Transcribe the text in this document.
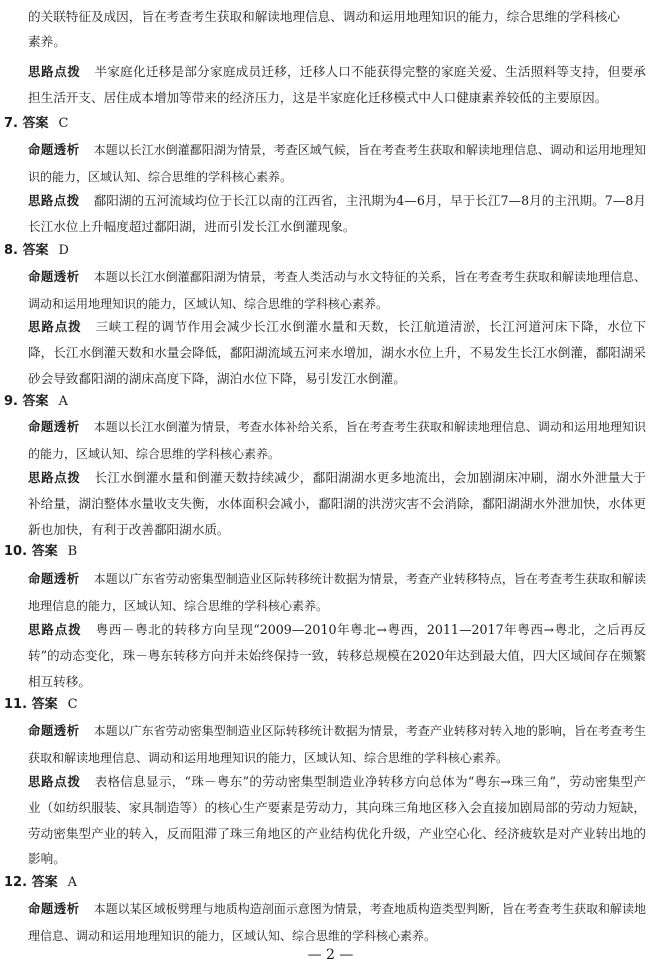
的关联特征及成因，旨在考查考生获取和解读地理信息、调动和运用地理知识的能力，综合思维的学科核心
素养。
思路点拨 半家庭化迁移是部分家庭成员迁移，迁移人口不能获得完整的家庭关爱、生活照料等支持，但要承担生活开支、居住成本增加等带来的经济压力，这是半家庭化迁移模式中人口健康素养较低的主要原因。
7. 答案 C
命题透析 本题以长江水倒灌鄱阳湖为情景，考查区域气候，旨在考查考生获取和解读地理信息、调动和运用地理知识的能力，区域认知、综合思维的学科核心素养。
思路点拨 鄱阳湖的五河流域均位于长江以南的江西省，主汛期为4—6月，早于长江7—8月的主汛期。7—8月长江水位上升幅度超过鄱阳湖，进而引发长江水倒灌现象。
8. 答案 D
命题透析 本题以长江水倒灌鄱阳湖为情景，考查人类活动与水文特征的关系，旨在考查考生获取和解读地理信息、调动和运用地理知识的能力，区域认知、综合思维的学科核心素养。
思路点拨 三峡工程的调节作用会减少长江水倒灌水量和天数，长江航道清淤，长江河道河床下降，水位下降，长江水倒灌天数和水量会降低，鄱阳湖流域五河来水增加，湖水水位上升，不易发生长江水倒灌，鄱阳湖采砂会导致鄱阳湖的湖床高度下降，湖泊水位下降，易引发江水倒灌。
9. 答案 A
命题透析 本题以长江水倒灌为情景，考查水体补给关系，旨在考查考生获取和解读地理信息、调动和运用地理知识的能力，区域认知、综合思维的学科核心素养。
思路点拨 长江水倒灌水量和倒灌天数持续减少，鄱阳湖湖水更多地流出，会加剧湖床冲刷，湖水外泄量大于补给量，湖泊整体水量收支失衡，水体面积会减小，鄱阳湖的洪涝灾害不会消除，鄱阳湖湖水外泄加快，水体更新也加快，有利于改善鄱阳湖水质。
10. 答案 B
命题透析 本题以广东省劳动密集型制造业区际转移统计数据为情景，考查产业转移特点，旨在考查考生获取和解读地理信息的能力，区域认知、综合思维的学科核心素养。
思路点拨 粤西－粤北的转移方向呈现“2009—2010年粤北→粤西，2011—2017年粤西→粤北，之后再反转”的动态变化，珠－粤东转移方向并未始终保持一致，转移总规模在2020年达到最大值，四大区域间存在频繁相互转移。
11. 答案 C
命题透析 本题以广东省劳动密集型制造业区际转移统计数据为情景，考查产业转移对转入地的影响，旨在考查考生获取和解读地理信息、调动和运用地理知识的能力，区域认知、综合思维的学科核心素养。
思路点拨 表格信息显示，“珠－粤东”的劳动密集型制造业净转移方向总体为“粤东→珠三角”，劳动密集型产业（如纺织服装、家具制造等）的核心生产要素是劳动力，其向珠三角地区移入会直接加剧局部的劳动力短缺，劳动密集型产业的转入，反而阻滞了珠三角地区的产业结构优化升级，产业空心化、经济疲软是对产业转出地的影响。
12. 答案 A
命题透析 本题以某区域板劈理与地质构造剖面示意图为情景，考查地质构造类型判断，旨在考查考生获取和解读地理信息、调动和运用地理知识的能力，区域认知、综合思维的学科核心素养。
— 2 —
